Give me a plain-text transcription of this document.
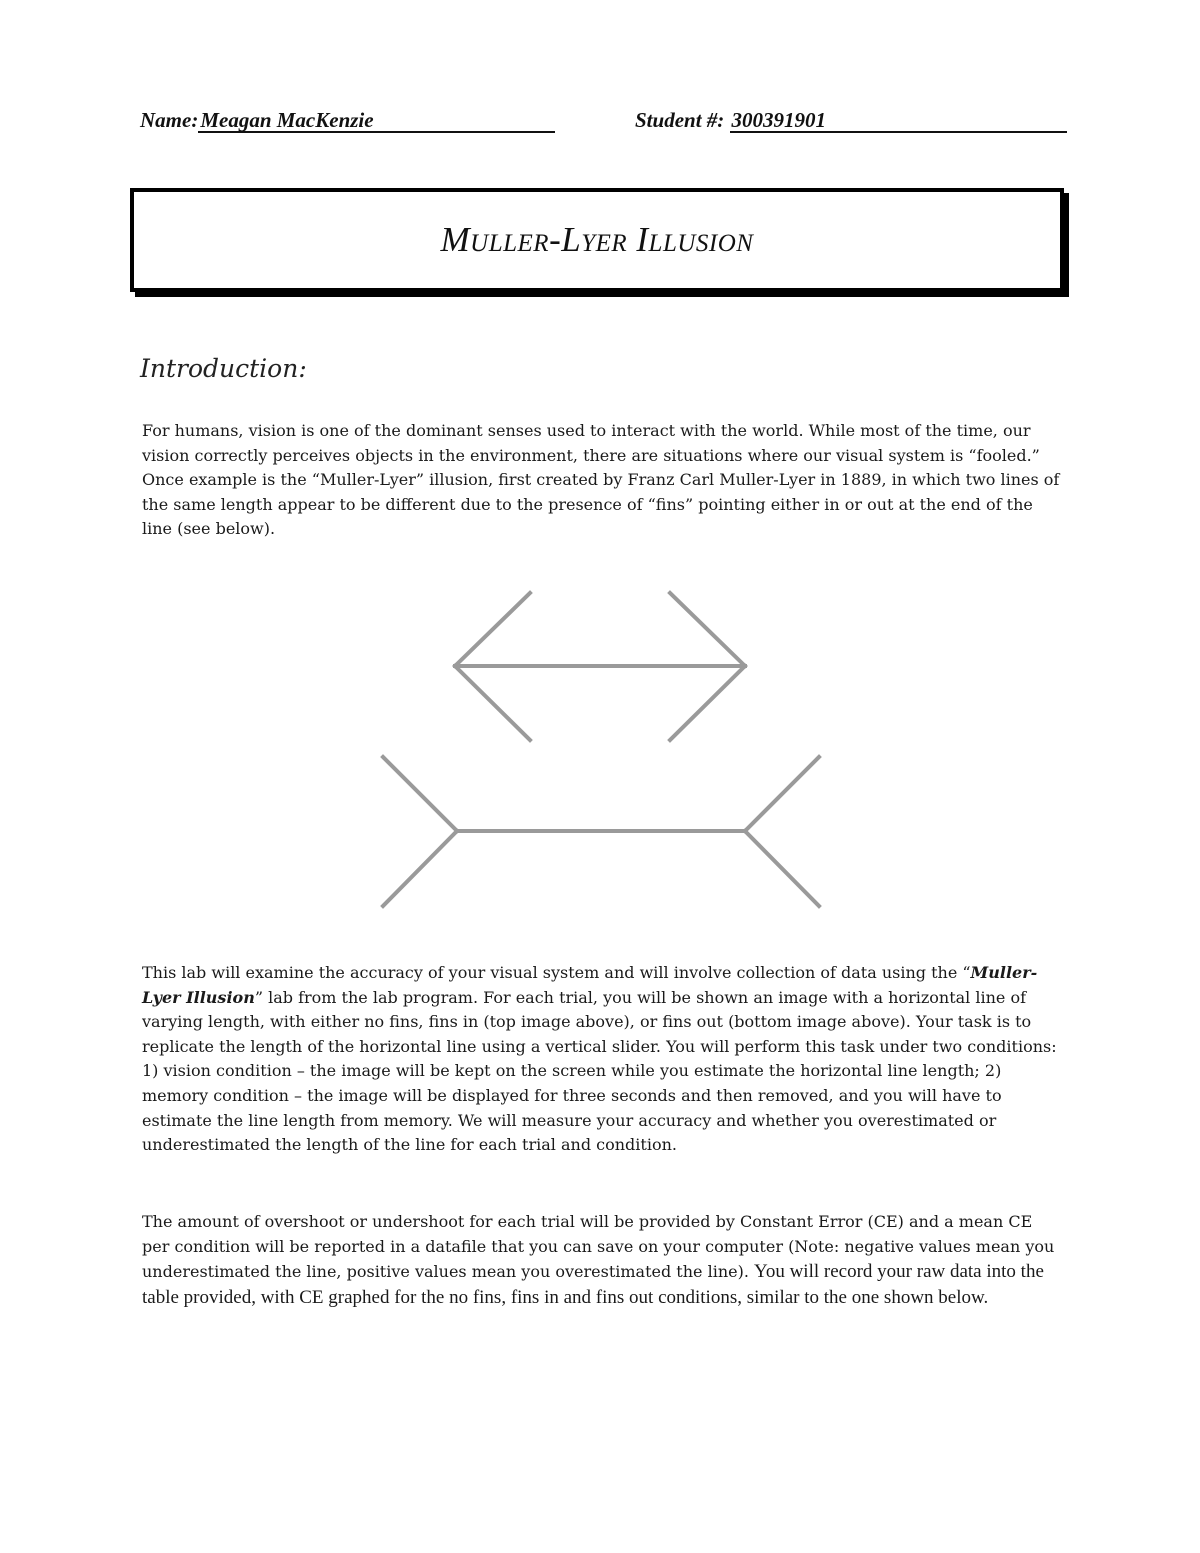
Name:Meagan MacKenzie	Student #: 300391901
Muller-Lyer Illusion
Introduction:

For humans, vision is one of the dominant senses used to interact with the world. While most of the time, our vision correctly perceives objects in the environment, there are situations where our visual system is “fooled.” Once example is the “Muller-Lyer” illusion, first created by Franz Carl Muller-Lyer in 1889, in which two lines of the same length appear to be different due to the presence of “fins” pointing either in or out at the end of the line (see below).

This lab will examine the accuracy of your visual system and will involve collection of data using the “Muller-Lyer Illusion” lab from the lab program. For each trial, you will be shown an image with a horizontal line of varying length, with either no fins, fins in (top image above), or fins out (bottom image above). Your task is to replicate the length of the horizontal line using a vertical slider. You will perform this task under two conditions: 1) vision condition – the image will be kept on the screen while you estimate the horizontal line length; 2) memory condition – the image will be displayed for three seconds and then removed, and you will have to estimate the line length from memory. We will measure your accuracy and whether you overestimated or underestimated the length of the line for each trial and condition.

The amount of overshoot or undershoot for each trial will be provided by Constant Error (CE) and a mean CE per condition will be reported in a datafile that you can save on your computer (Note: negative values mean you underestimated the line, positive values mean you overestimated the line). You will record your raw data into the table provided, with CE graphed for the no fins, fins in and fins out conditions, similar to the one shown below.
